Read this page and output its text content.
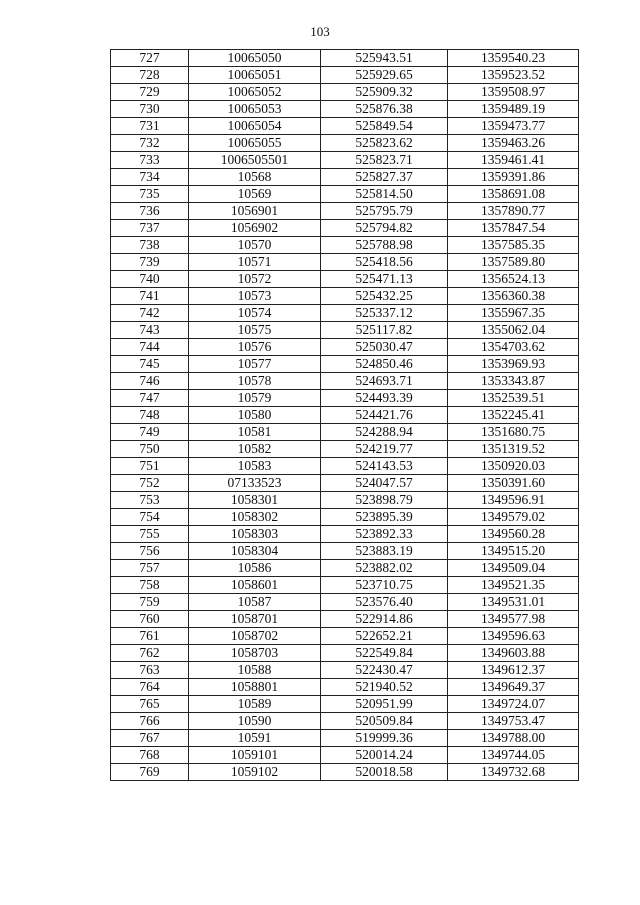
103
727	10065050	525943.51	1359540.23
728	10065051	525929.65	1359523.52
729	10065052	525909.32	1359508.97
730	10065053	525876.38	1359489.19
731	10065054	525849.54	1359473.77
732	10065055	525823.62	1359463.26
733	1006505501	525823.71	1359461.41
734	10568	525827.37	1359391.86
735	10569	525814.50	1358691.08
736	1056901	525795.79	1357890.77
737	1056902	525794.82	1357847.54
738	10570	525788.98	1357585.35
739	10571	525418.56	1357589.80
740	10572	525471.13	1356524.13
741	10573	525432.25	1356360.38
742	10574	525337.12	1355967.35
743	10575	525117.82	1355062.04
744	10576	525030.47	1354703.62
745	10577	524850.46	1353969.93
746	10578	524693.71	1353343.87
747	10579	524493.39	1352539.51
748	10580	524421.76	1352245.41
749	10581	524288.94	1351680.75
750	10582	524219.77	1351319.52
751	10583	524143.53	1350920.03
752	07133523	524047.57	1350391.60
753	1058301	523898.79	1349596.91
754	1058302	523895.39	1349579.02
755	1058303	523892.33	1349560.28
756	1058304	523883.19	1349515.20
757	10586	523882.02	1349509.04
758	1058601	523710.75	1349521.35
759	10587	523576.40	1349531.01
760	1058701	522914.86	1349577.98
761	1058702	522652.21	1349596.63
762	1058703	522549.84	1349603.88
763	10588	522430.47	1349612.37
764	1058801	521940.52	1349649.37
765	10589	520951.99	1349724.07
766	10590	520509.84	1349753.47
767	10591	519999.36	1349788.00
768	1059101	520014.24	1349744.05
769	1059102	520018.58	1349732.68
